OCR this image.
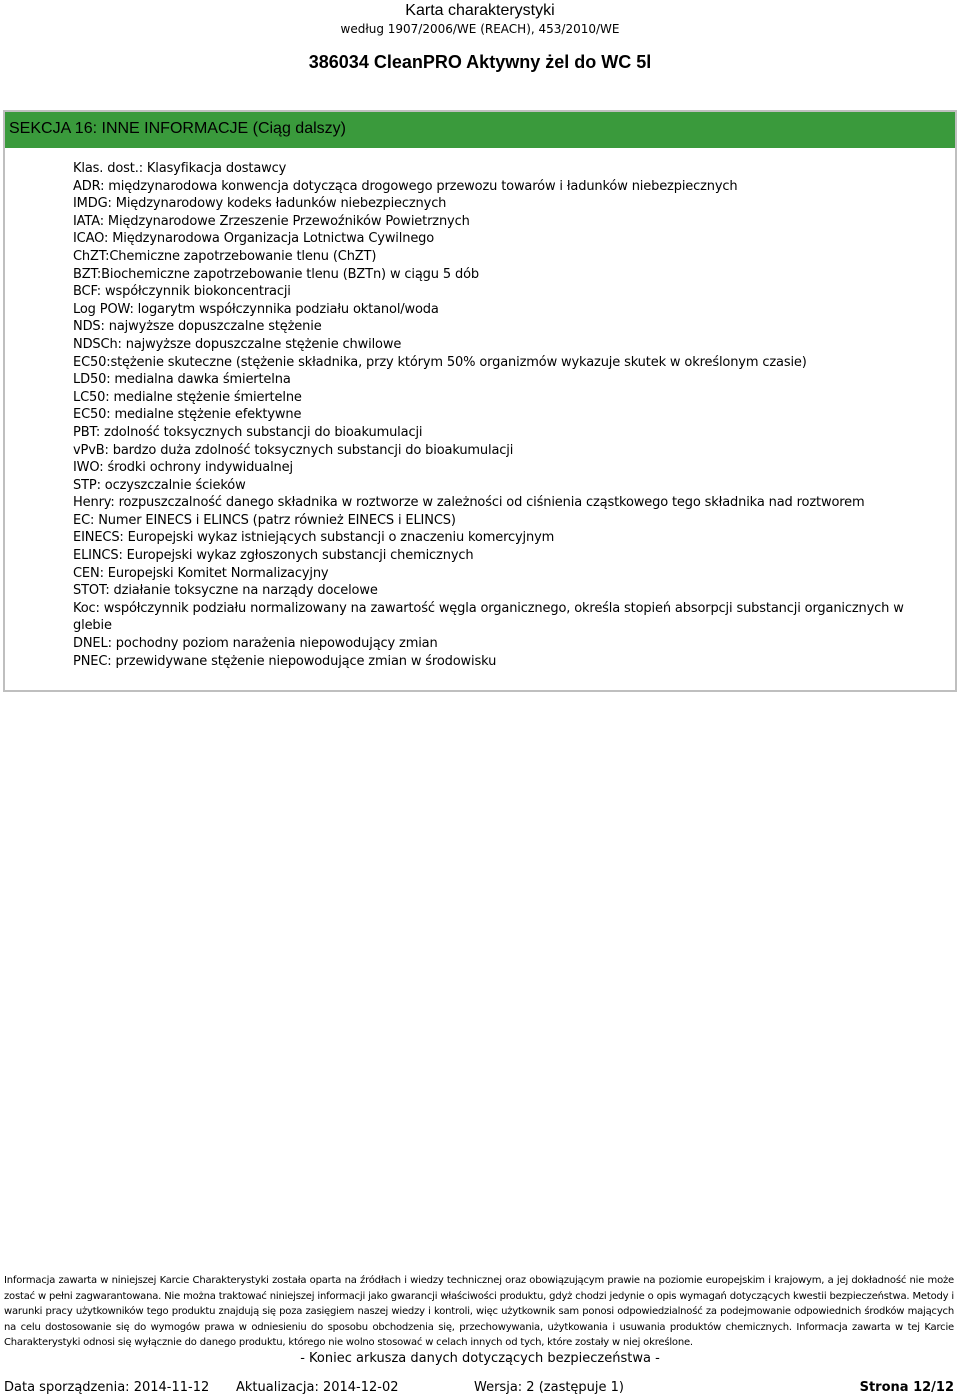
Karta charakterystyki
według 1907/2006/WE (REACH), 453/2010/WE
386034 CleanPRO Aktywny żel do WC 5l
SEKCJA 16: INNE INFORMACJE (Ciąg dalszy)
Klas. dost.: Klasyfikacja dostawcy
ADR: międzynarodowa konwencja dotycząca drogowego przewozu towarów i ładunków niebezpiecznych
IMDG: Międzynarodowy kodeks ładunków niebezpiecznych
IATA: Międzynarodowe Zrzeszenie Przewoźników Powietrznych
ICAO: Międzynarodowa Organizacja Lotnictwa Cywilnego
ChZT:Chemiczne zapotrzebowanie tlenu (ChZT)
BZT:Biochemiczne zapotrzebowanie tlenu (BZTn) w ciągu 5 dób
BCF: współczynnik biokoncentracji
Log POW: logarytm współczynnika podziału oktanol/woda
NDS: najwyższe dopuszczalne stężenie
NDSCh: najwyższe dopuszczalne stężenie chwilowe
EC50:stężenie skuteczne (stężenie składnika, przy którym 50% organizmów wykazuje skutek w określonym czasie)
LD50: medialna dawka śmiertelna
LC50: medialne stężenie śmiertelne
EC50: medialne stężenie efektywne
PBT: zdolność toksycznych substancji do bioakumulacji
vPvB: bardzo duża zdolność toksycznych substancji do bioakumulacji
IWO: środki ochrony indywidualnej
STP: oczyszczalnie ścieków
Henry: rozpuszczalność danego składnika w roztworze w zależności od ciśnienia cząstkowego tego składnika nad roztworem
EC: Numer EINECS i ELINCS (patrz również EINECS i ELINCS)
EINECS: Europejski wykaz istniejących substancji o znaczeniu komercyjnym
ELINCS: Europejski wykaz zgłoszonych substancji chemicznych
CEN: Europejski Komitet Normalizacyjny
STOT: działanie toksyczne na narządy docelowe
Koc: współczynnik podziału normalizowany na zawartość węgla organicznego, określa stopień absorpcji substancji organicznych w glebie
DNEL: pochodny poziom narażenia niepowodujący zmian
PNEC: przewidywane stężenie niepowodujące zmian w środowisku
Informacja zawarta w niniejszej Karcie Charakterystyki została oparta na źródłach i wiedzy technicznej oraz obowiązującym prawie na poziomie europejskim i krajowym, a jej dokładność nie może zostać w pełni zagwarantowana. Nie można traktować niniejszej informacji jako gwarancji właściwości produktu, gdyż chodzi jedynie o opis wymagań dotyczących kwestii bezpieczeństwa. Metody i warunki pracy użytkowników tego produktu znajdują się poza zasięgiem naszej wiedzy i kontroli, więc użytkownik sam ponosi odpowiedzialność za podejmowanie odpowiednich środków mających na celu dostosowanie się do wymogów prawa w odniesieniu do sposobu obchodzenia się, przechowywania, użytkowania i usuwania produktów chemicznych. Informacja zawarta w tej Karcie Charakterystyki odnosi się wyłącznie do danego produktu, którego nie wolno stosować w celach innych od tych, które zostały w niej określone.
- Koniec arkusza danych dotyczących bezpieczeństwa -
Data sporządzenia: 2014-11-12 Aktualizacja: 2014-12-02	Wersja: 2 (zastępuje 1)	Strona 12/12
